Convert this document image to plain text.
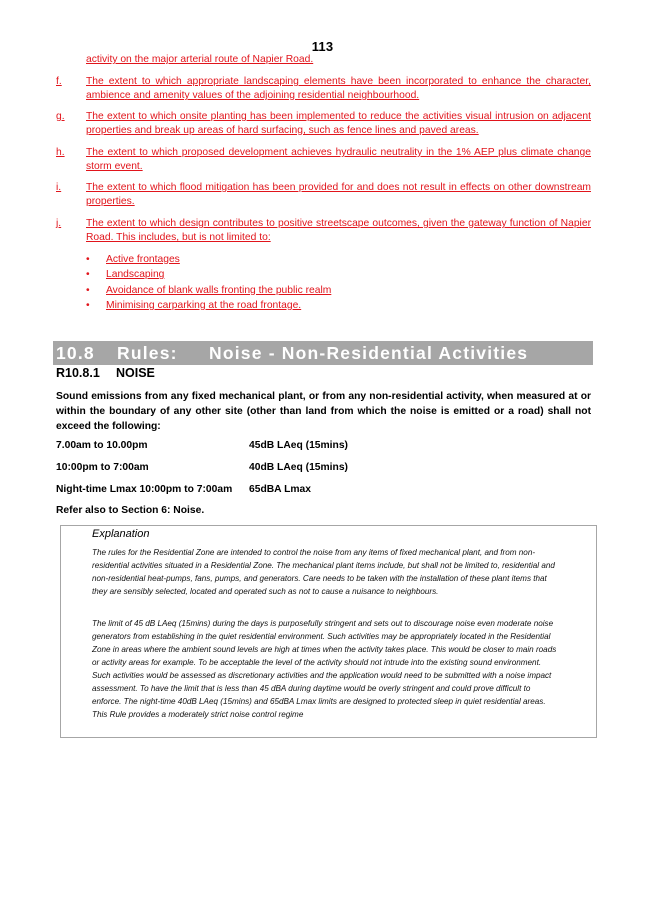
113
activity on the major arterial route of Napier Road.
f. The extent to which appropriate landscaping elements have been incorporated to enhance the character, ambience and amenity values of the adjoining residential neighbourhood.
g. The extent to which onsite planting has been implemented to reduce the activities visual intrusion on adjacent properties and break up areas of hard surfacing, such as fence lines and paved areas.
h. The extent to which proposed development achieves hydraulic neutrality in the 1% AEP plus climate change storm event.
i. The extent to which flood mitigation has been provided for and does not result in effects on other downstream properties.
j. The extent to which design contributes to positive streetscape outcomes, given the gateway function of Napier Road. This includes, but is not limited to:
• Active frontages
• Landscaping
• Avoidance of blank walls fronting the public realm
• Minimising carparking at the road frontage.
10.8 Rules: Noise - Non-Residential Activities
R10.8.1 NOISE
Sound emissions from any fixed mechanical plant, or from any non-residential activity, when measured at or within the boundary of any other site (other than land from which the noise is emitted or a road) shall not exceed the following:
7.00am to 10.00pm	45dB LAeq (15mins)
10:00pm to 7:00am	40dB LAeq (15mins)
Night-time Lmax 10:00pm to 7:00am 65dBA Lmax
Refer also to Section 6: Noise.
Explanation
The rules for the Residential Zone are intended to control the noise from any items of fixed mechanical plant, and from non-residential activities situated in a Residential Zone. The mechanical plant items include, but shall not be limited to, residential and non-residential heat-pumps, fans, pumps, and generators. Care needs to be taken with the installation of these plant items that they are sensibly selected, located and operated such as not to cause a nuisance to neighbours.
The limit of 45 dB LAeq (15mins) during the days is purposefully stringent and sets out to discourage noise even moderate noise generators from establishing in the quiet residential environment. Such activities may be appropriately located in the Residential Zone in areas where the ambient sound levels are high at times when the activity takes place. This would be closer to main roads or activity areas for example. To be acceptable the level of the activity should not intrude into the existing sound environment. Such activities would be assessed as discretionary activities and the application would need to be submitted with a noise impact assessment. To have the limit that is less than 45 dBA during daytime would be overly stringent and could prove difficult to enforce. The night-time 40dB LAeq (15mins) and 65dBA Lmax limits are designed to protected sleep in quiet residential areas. This Rule provides a moderately strict noise control regime
